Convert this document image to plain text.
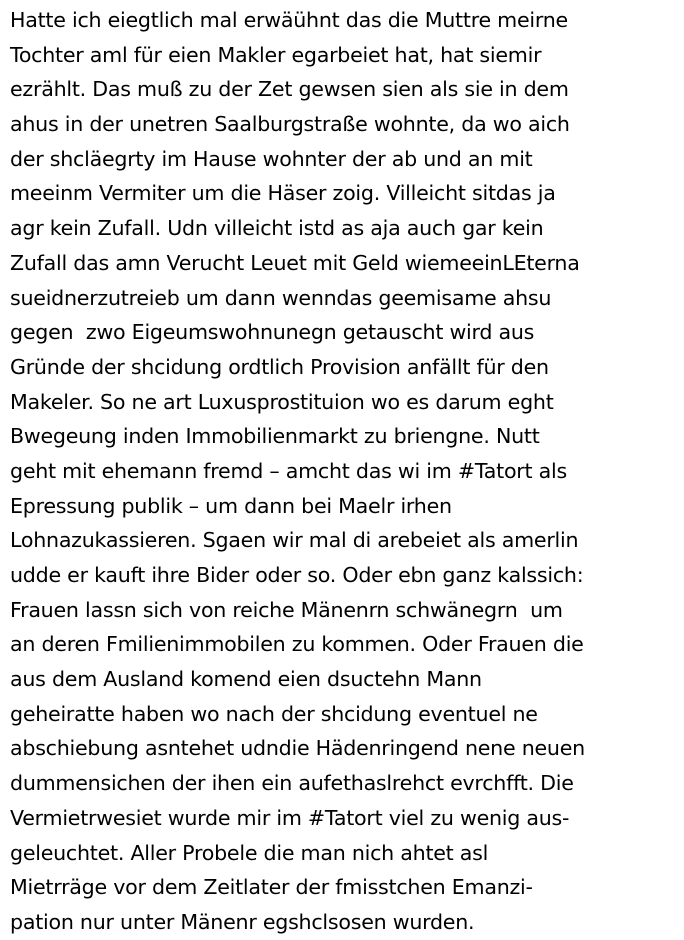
Hatte ich eiegtlich mal erwäühnt das die Muttre meirne
Tochter aml für eien Makler egarbeiet hat, hat siemir
ezrählt. Das muß zu der Zet gewsen sien als sie in dem
ahus in der unetren Saalburgstraße wohnte, da wo aich
der shcläegrty im Hause wohnter der ab und an mit
meeinm Vermiter um die Häser zoig. Villeicht sitdas ja
agr kein Zufall. Udn villeicht istd as aja auch gar kein
Zufall das amn Verucht Leuet mit Geld wiemeeinLEterna
sueidnerzutreieb um dann wenndas geemisame ahsu
gegen  zwo Eigeumswohnunegn getauscht wird aus
Gründe der shcidung ordtlich Provision anfällt für den
Makeler. So ne art Luxusprostituion wo es darum eght
Bwegeung inden Immobilienmarkt zu briengne. Nutt
geht mit ehemann fremd – amcht das wi im #Tatort als
Epressung publik – um dann bei Maelr irhen
Lohnazukassieren. Sgaen wir mal di arebeiet als amerlin
udde er kauft ihre Bider oder so. Oder ebn ganz kalssich:
Frauen lassn sich von reiche Mänenrn schwänegrn  um
an deren Fmilienimmobilen zu kommen. Oder Frauen die
aus dem Ausland komend eien dsuctehn Mann
geheiratte haben wo nach der shcidung eventuel ne
abschiebung asntehet udndie Hädenringend nene neuen
dummensichen der ihen ein aufethaslrehct evrchfft. Die
Vermietrwesiet wurde mir im #Tatort viel zu wenig aus-
geleuchtet. Aller Probele die man nich ahtet asl
Mietrräge vor dem Zeitlater der fmisstchen Emanzi-
pation nur unter Mänenr egshclsosen wurden.
